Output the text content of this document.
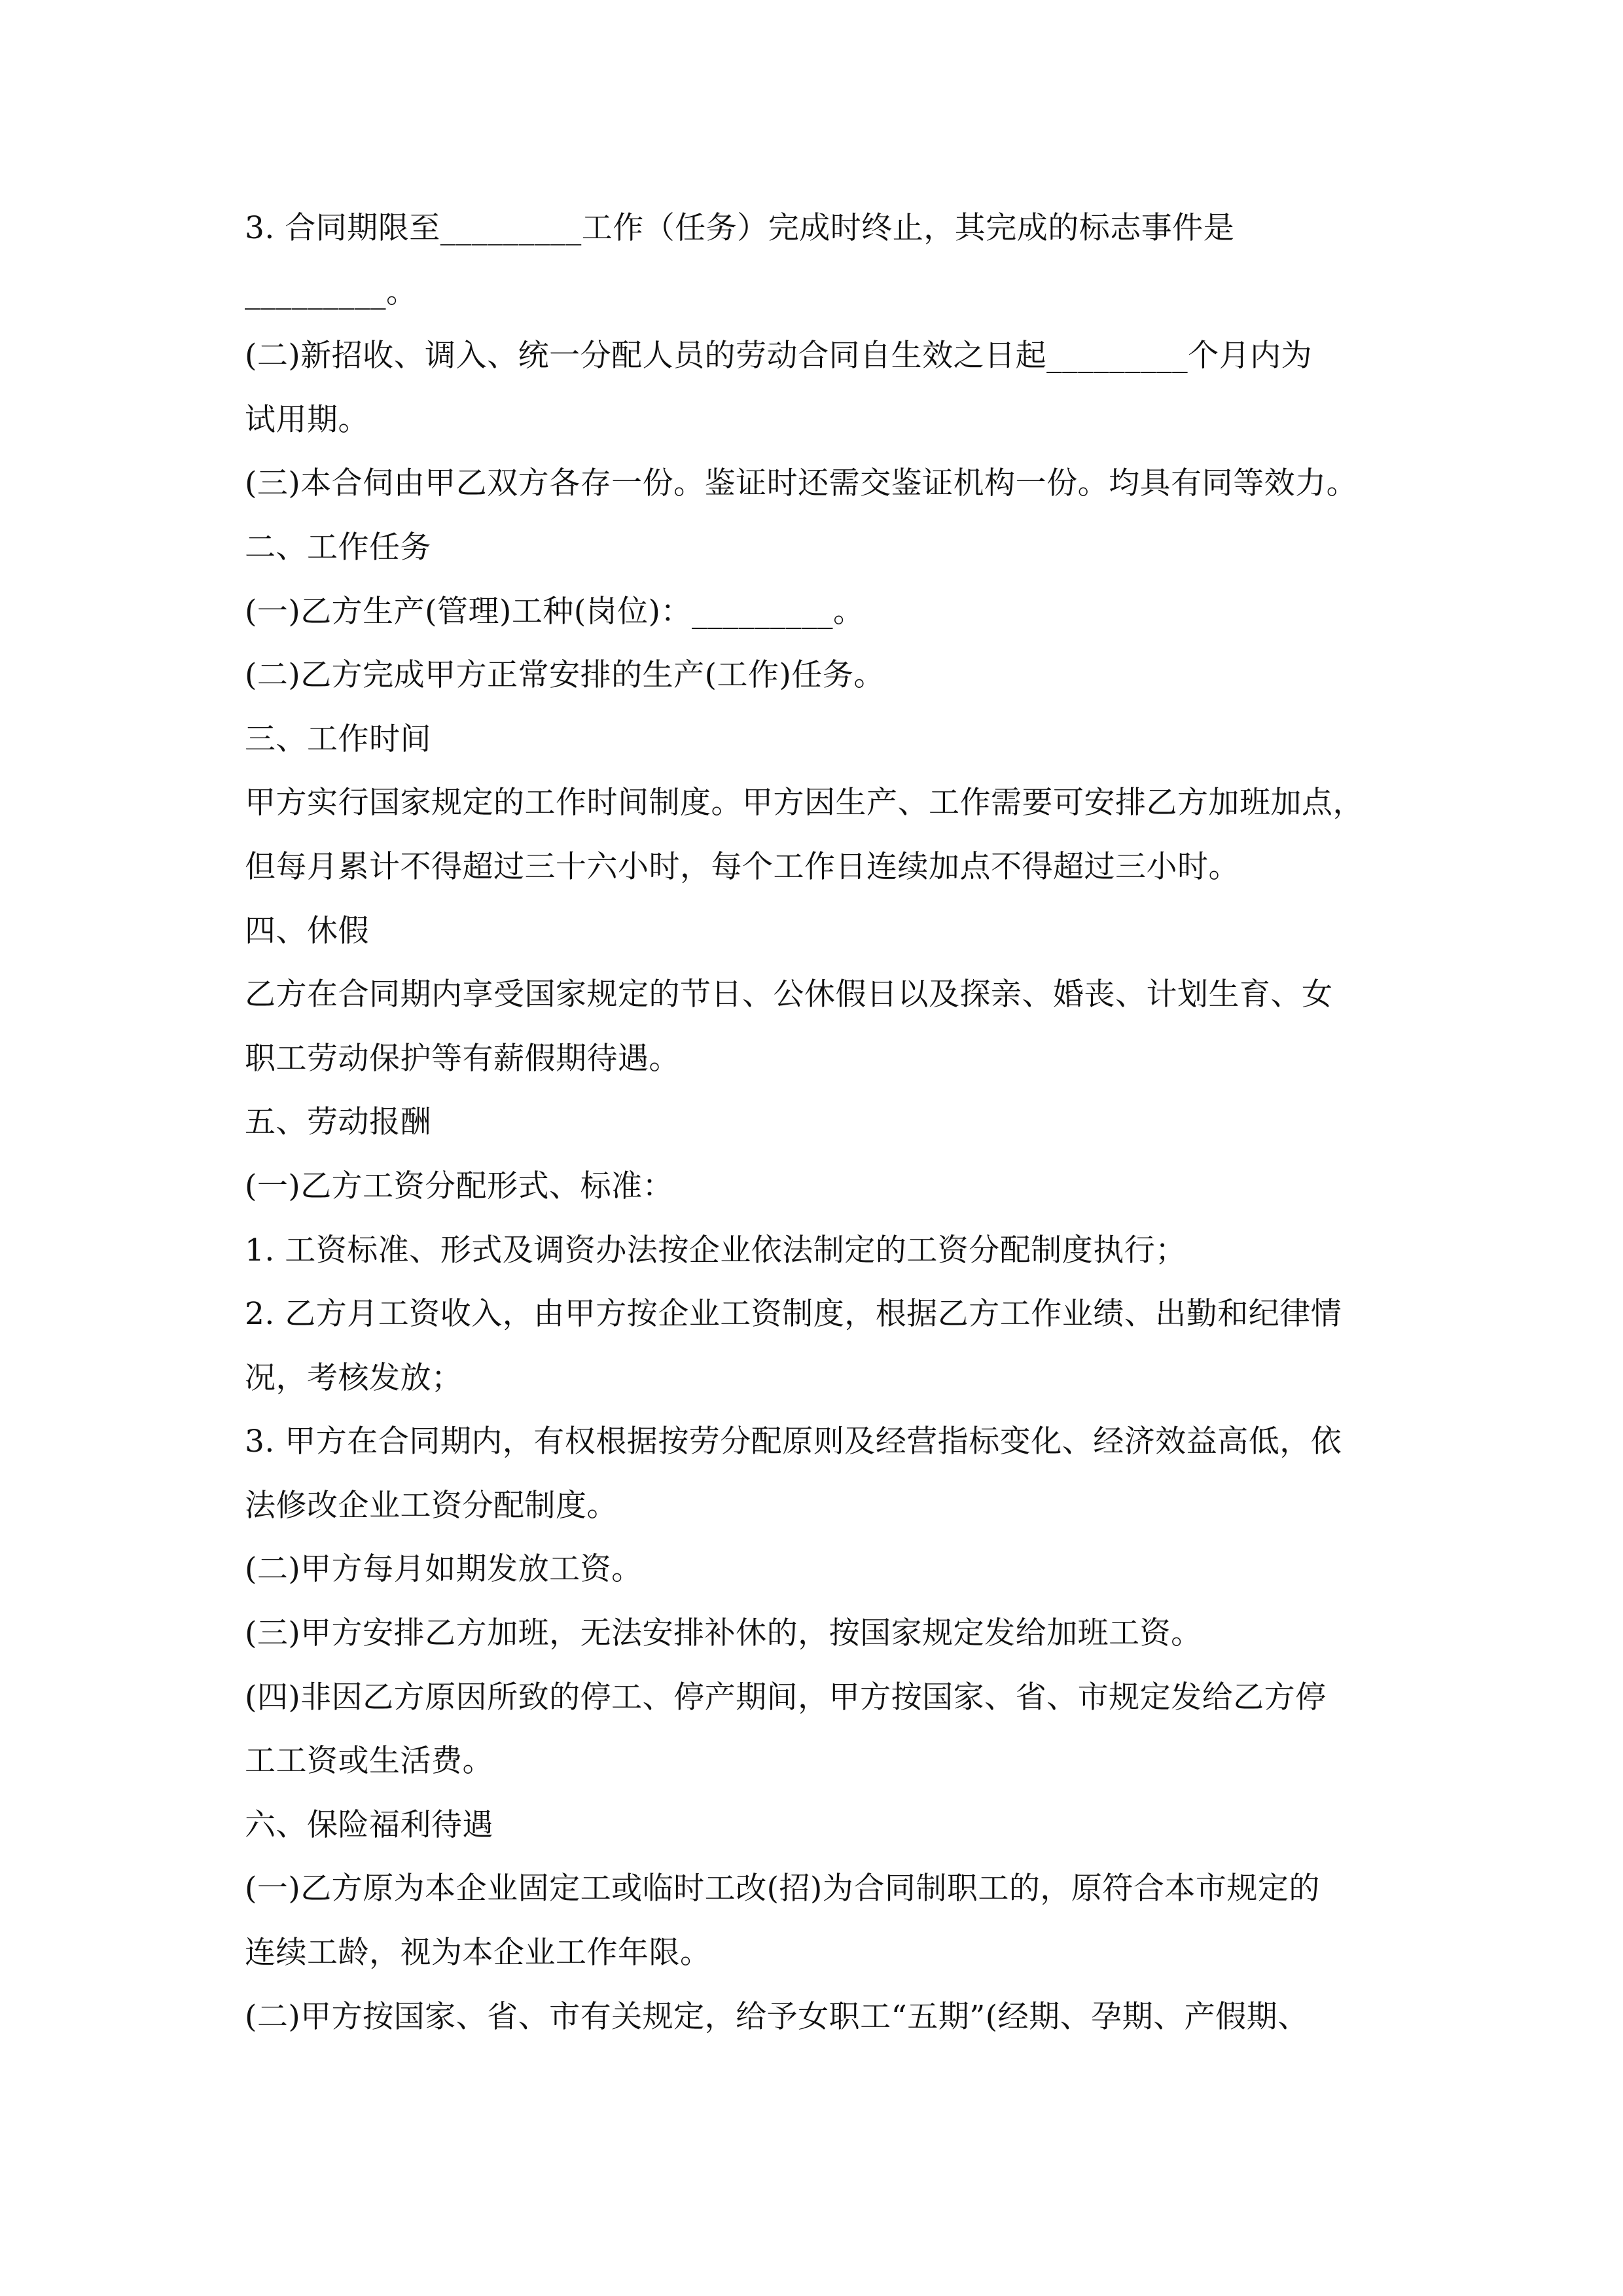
3. 合同期限至_________工作（任务）完成时终止，其完成的标志事件是
_________。
(二)新招收、调入、统一分配人员的劳动合同自生效之日起_________个月内为
试用期。
(三)本合伺由甲乙双方各存一份。鉴证时还需交鉴证机构一份。均具有同等效力。
二、工作任务
(一)乙方生产(管理)工种(岗位)：_________。
(二)乙方完成甲方正常安排的生产(工作)任务。
三、工作时间
甲方实行国家规定的工作时间制度。甲方因生产、工作需要可安排乙方加班加点，
但每月累计不得超过三十六小时，每个工作日连续加点不得超过三小时。
四、休假
乙方在合同期内享受国家规定的节日、公休假日以及探亲、婚丧、计划生育、女
职工劳动保护等有薪假期待遇。
五、劳动报酬
(一)乙方工资分配形式、标准：
1. 工资标准、形式及调资办法按企业依法制定的工资分配制度执行；
2. 乙方月工资收入，由甲方按企业工资制度，根据乙方工作业绩、出勤和纪律情
况，考核发放；
3. 甲方在合同期内，有权根据按劳分配原则及经营指标变化、经济效益高低，依
法修改企业工资分配制度。
(二)甲方每月如期发放工资。
(三)甲方安排乙方加班，无法安排补休的，按国家规定发给加班工资。
(四)非因乙方原因所致的停工、停产期间，甲方按国家、省、市规定发给乙方停
工工资或生活费。
六、保险福利待遇
(一)乙方原为本企业固定工或临时工改(招)为合同制职工的，原符合本市规定的
连续工龄，视为本企业工作年限。
(二)甲方按国家、省、市有关规定，给予女职工“五期”(经期、孕期、产假期、
